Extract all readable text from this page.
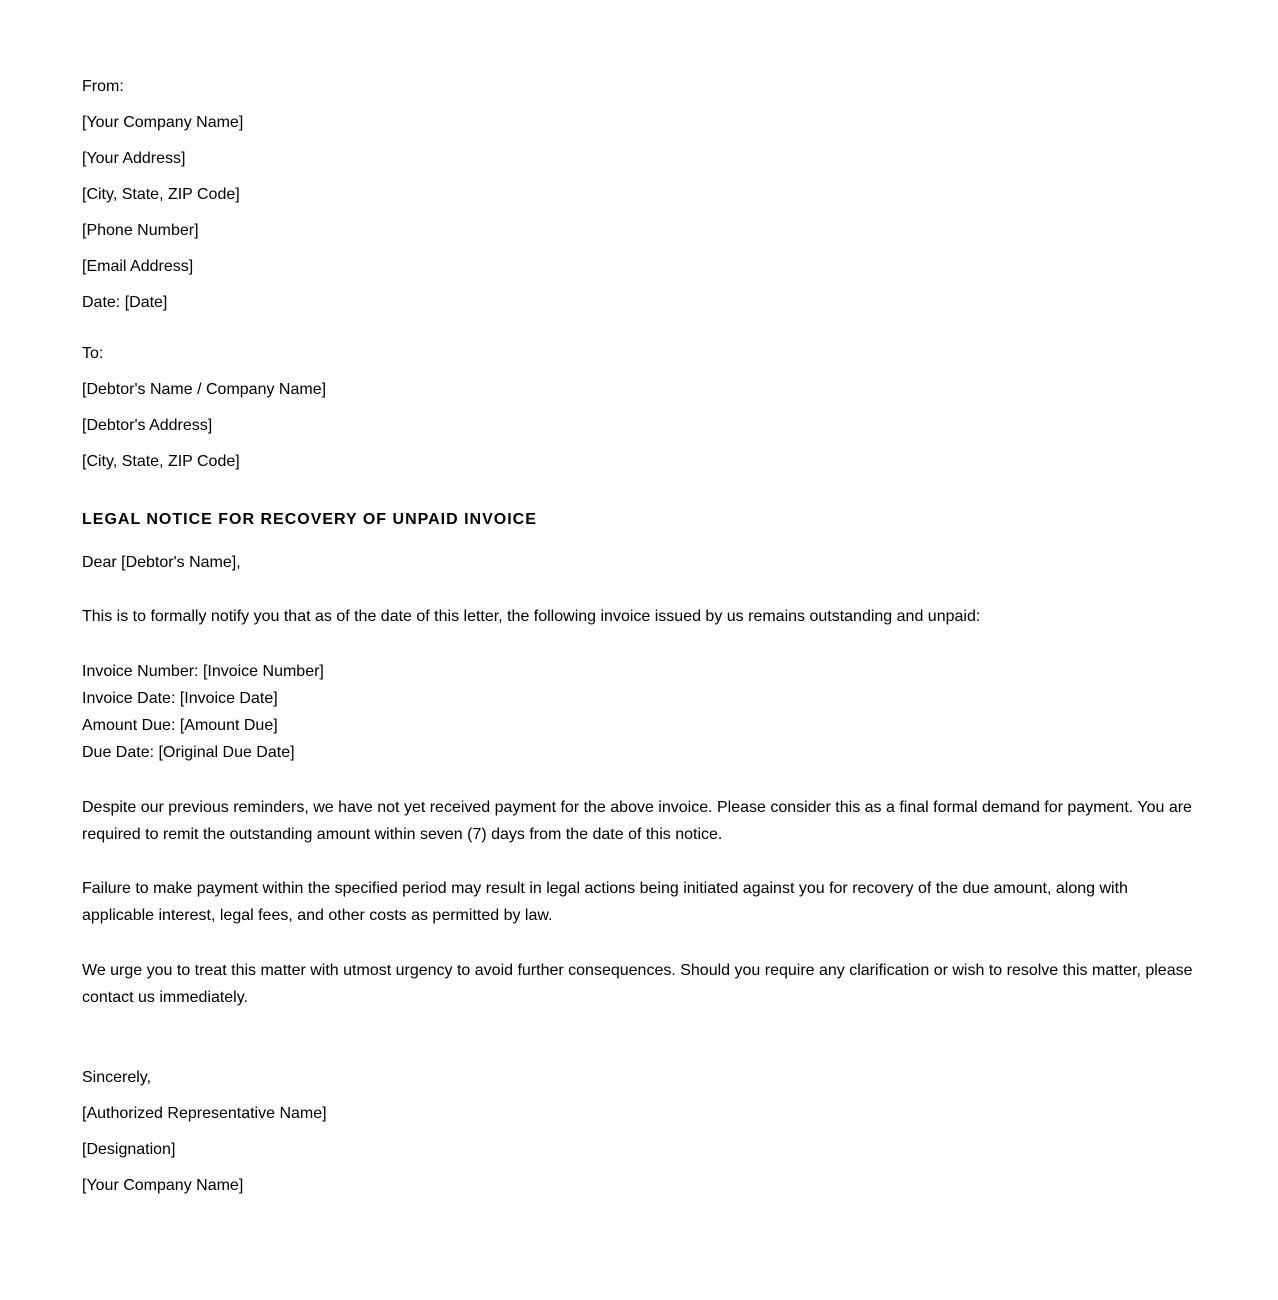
From:
[Your Company Name]
[Your Address]
[City, State, ZIP Code]
[Phone Number]
[Email Address]
Date: [Date]
To:
[Debtor's Name / Company Name]
[Debtor's Address]
[City, State, ZIP Code]
LEGAL NOTICE FOR RECOVERY OF UNPAID INVOICE
Dear [Debtor's Name],
This is to formally notify you that as of the date of this letter, the following invoice issued by us remains outstanding and unpaid:
Invoice Number: [Invoice Number]
Invoice Date: [Invoice Date]
Amount Due: [Amount Due]
Due Date: [Original Due Date]
Despite our previous reminders, we have not yet received payment for the above invoice. Please consider this as a final formal demand for payment. You are required to remit the outstanding amount within seven (7) days from the date of this notice.
Failure to make payment within the specified period may result in legal actions being initiated against you for recovery of the due amount, along with applicable interest, legal fees, and other costs as permitted by law.
We urge you to treat this matter with utmost urgency to avoid further consequences. Should you require any clarification or wish to resolve this matter, please contact us immediately.
Sincerely,
[Authorized Representative Name]
[Designation]
[Your Company Name]
